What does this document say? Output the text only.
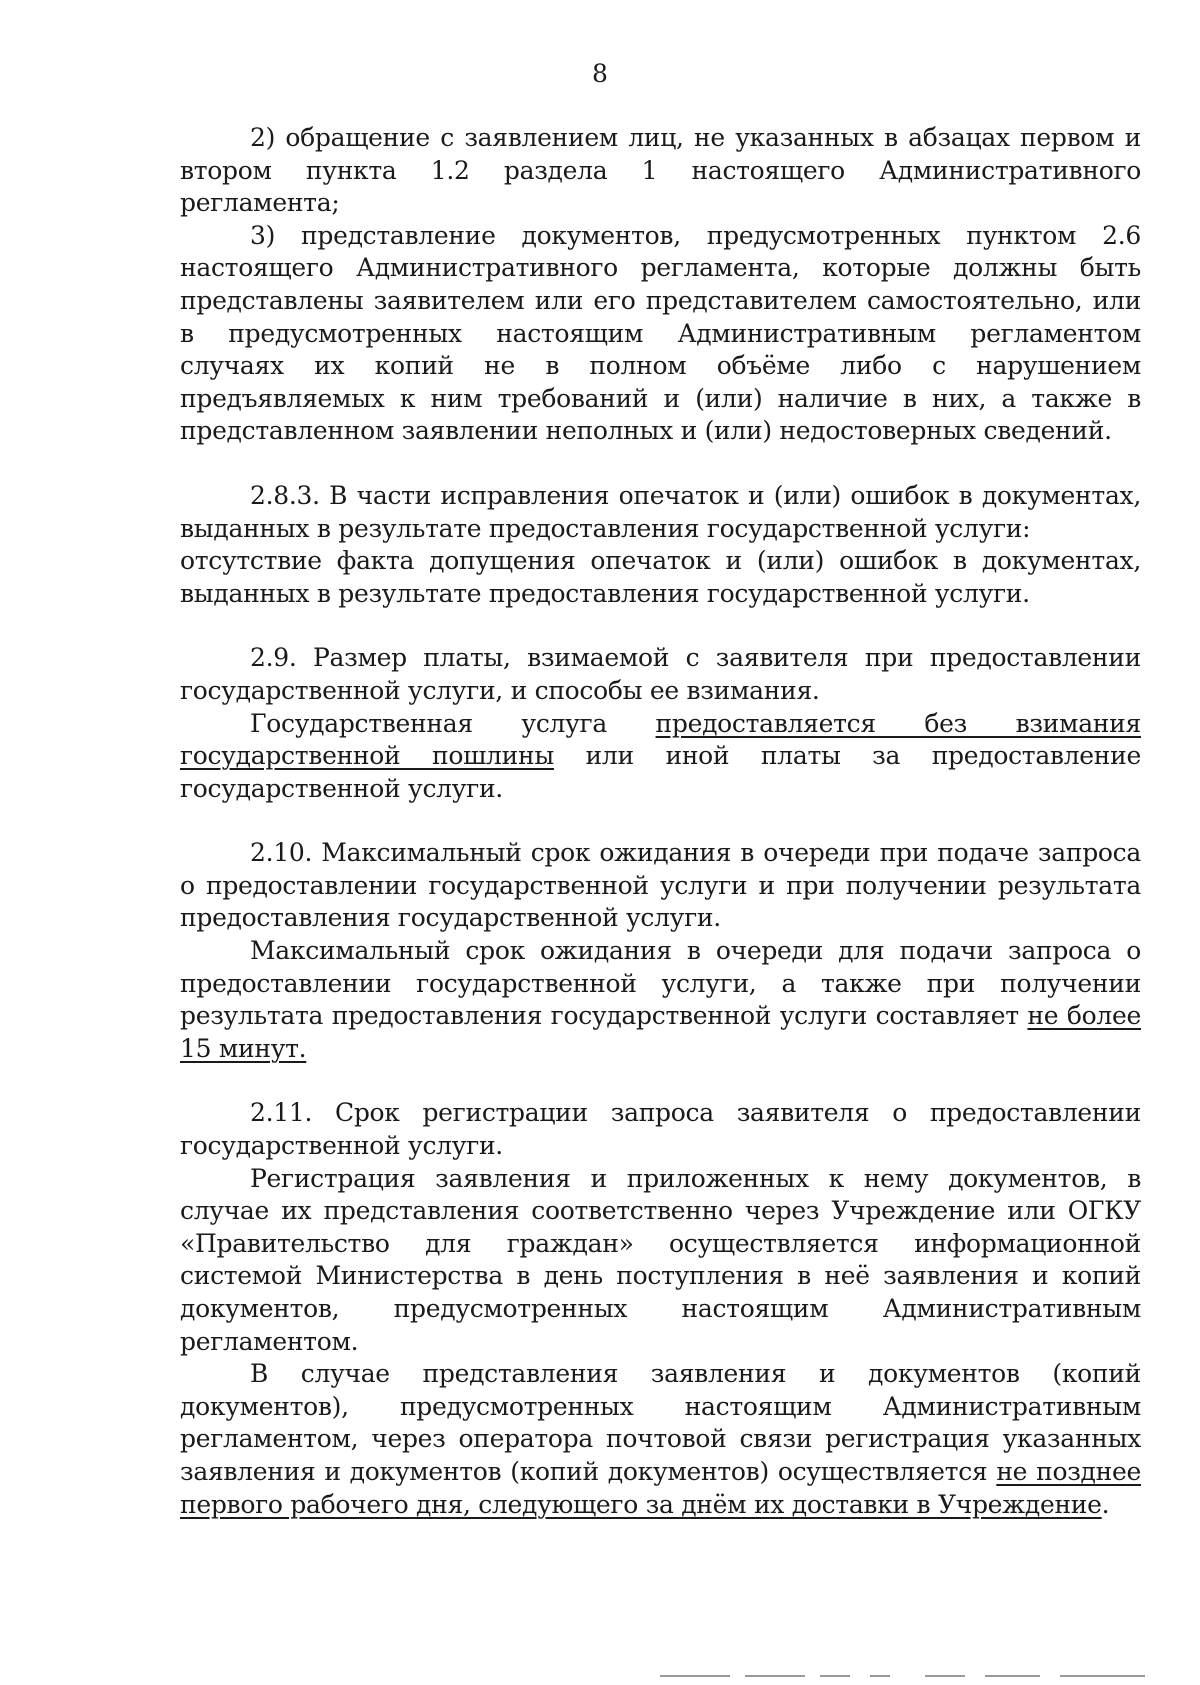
8

2) обращение с заявлением лиц, не указанных в абзацах первом и втором пункта 1.2 раздела 1 настоящего Административного регламента;

3) представление документов, предусмотренных пунктом 2.6 настоящего Административного регламента, которые должны быть представлены заявителем или его представителем самостоятельно, или в предусмотренных настоящим Административным регламентом случаях их копий не в полном объёме либо с нарушением предъявляемых к ним требований и (или) наличие в них, а также в представленном заявлении неполных и (или) недостоверных сведений.

2.8.3. В части исправления опечаток и (или) ошибок в документах, выданных в результате предоставления государственной услуги:

отсутствие факта допущения опечаток и (или) ошибок в документах, выданных в результате предоставления государственной услуги.

2.9. Размер платы, взимаемой с заявителя при предоставлении государственной услуги, и способы ее взимания.

Государственная услуга предоставляется без взимания государственной пошлины или иной платы за предоставление государственной услуги.

2.10. Максимальный срок ожидания в очереди при подаче запроса о предоставлении государственной услуги и при получении результата предоставления государственной услуги.

Максимальный срок ожидания в очереди для подачи запроса о предоставлении государственной услуги, а также при получении результата предоставления государственной услуги составляет не более 15 минут.

2.11. Срок регистрации запроса заявителя о предоставлении государственной услуги.

Регистрация заявления и приложенных к нему документов, в случае их представления соответственно через Учреждение или ОГКУ «Правительство для граждан» осуществляется информационной системой Министерства в день поступления в неё заявления и копий документов, предусмотренных настоящим Административным регламентом.

В случае представления заявления и документов (копий документов), предусмотренных настоящим Административным регламентом, через оператора почтовой связи регистрация указанных заявления и документов (копий документов) осуществляется не позднее первого рабочего дня, следующего за днём их доставки в Учреждение.
